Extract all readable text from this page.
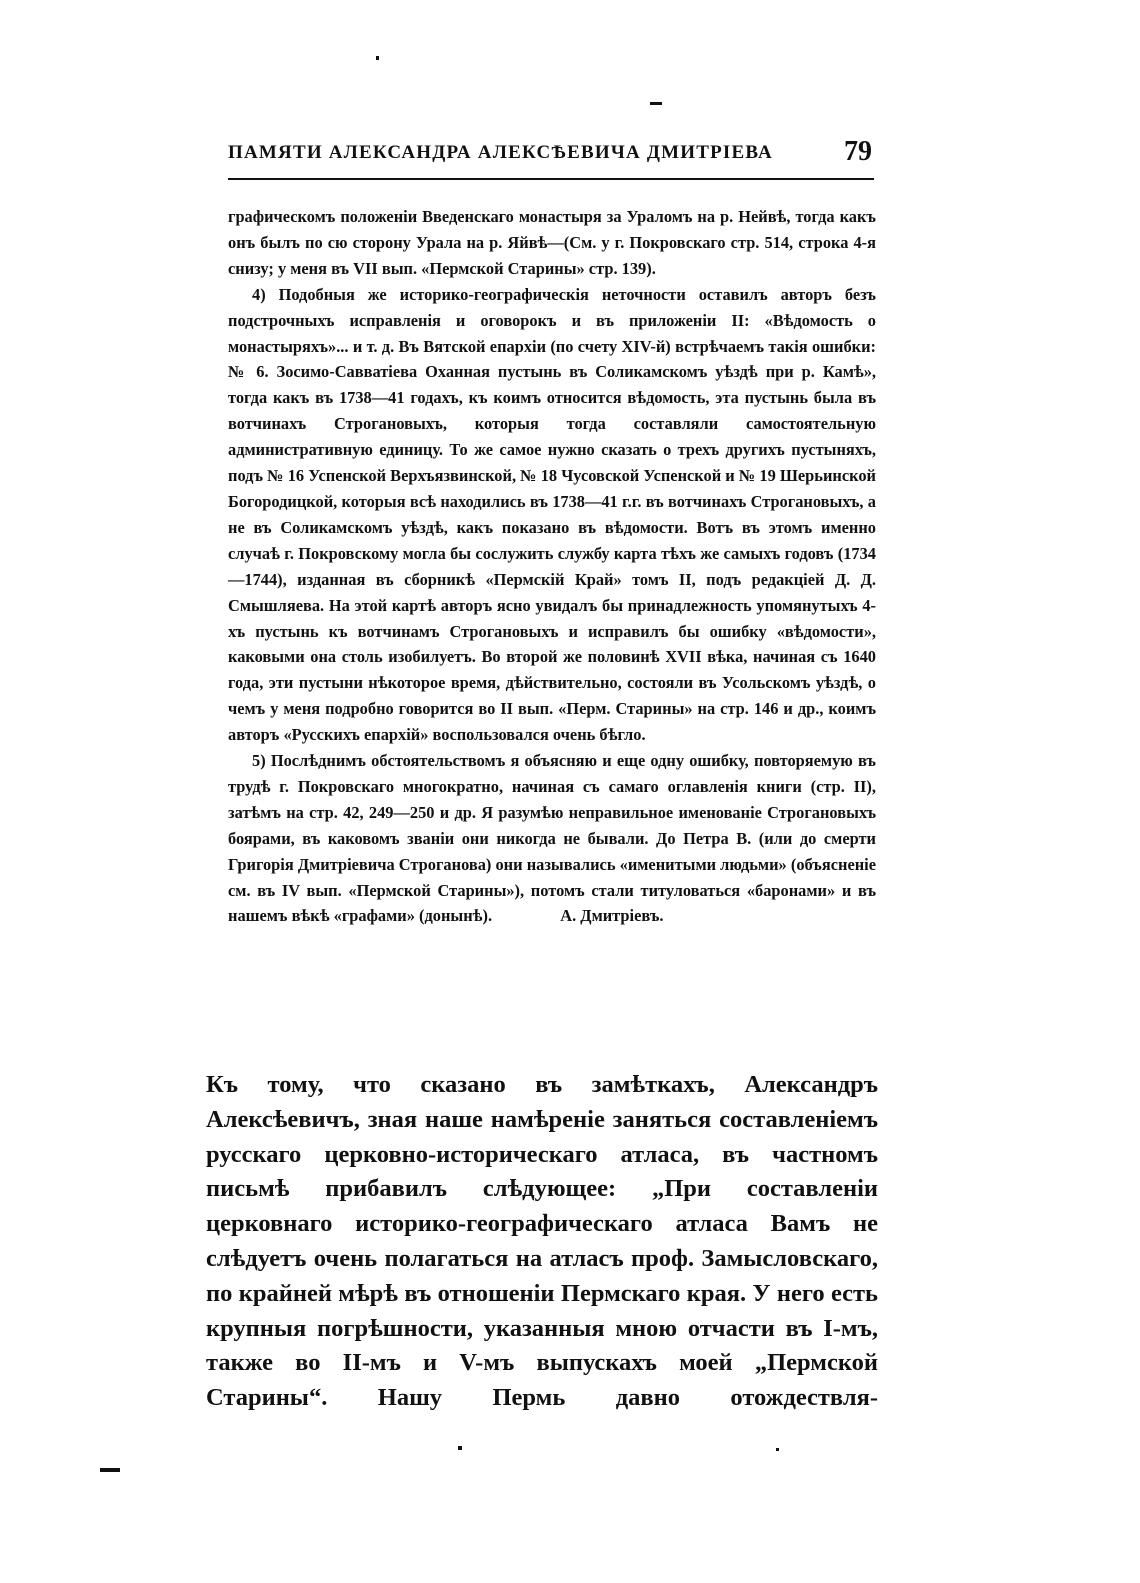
ПАМЯТИ АЛЕКСАНДРА АЛЕКСѢЕВИЧА ДМИТРІЕВА	79

графическомъ положеніи Введенскаго монастыря за Ураломъ на р. Нейвѣ, тогда какъ онъ былъ по сю сторону Урала на р. Яйвѣ—(См. у г. Покровскаго стр. 514, строка 4-я снизу; у меня въ VII вып. «Пермской Старины» стр. 139).

4) Подобныя же историко-географическія неточности оставилъ авторъ безъ подстрочныхъ исправленія и оговорокъ и въ приложеніи II: «Вѣдомость о монастыряхъ»... и т. д. Въ Вятской епархіи (по счету XIV-й) встрѣчаемъ такія ошибки: № 6. Зосимо-Савватіева Оханная пустынь въ Соликамскомъ уѣздѣ при р. Камѣ», тогда какъ въ 1738—41 годахъ, къ коимъ относится вѣдомость, эта пустынь была въ вотчинахъ Строгановыхъ, которыя тогда составляли самостоятельную административную единицу. То же самое нужно сказать о трехъ другихъ пустыняхъ, подъ № 16 Успенской Верхъязвинской, № 18 Чусовской Успенской и № 19 Шерьинской Богородицкой, которыя всѣ находились въ 1738—41 г.г. въ вотчинахъ Строгановыхъ, а не въ Соликамскомъ уѣздѣ, какъ показано въ вѣдомости. Вотъ въ этомъ именно случаѣ г. Покровскому могла бы сослужить службу карта тѣхъ же самыхъ годовъ (1734—1744), изданная въ сборникѣ «Пермскій Край» томъ II, подъ редакціей Д. Д. Смышляева. На этой картѣ авторъ ясно увидалъ бы принадлежность упомянутыхъ 4-хъ пустынь къ вотчинамъ Строгановыхъ и исправилъ бы ошибку «вѣдомости», каковыми она столь изобилуетъ. Во второй же половинѣ XVII вѣка, начиная съ 1640 года, эти пустыни нѣкоторое время, дѣйствительно, состояли въ Усольскомъ уѣздѣ, о чемъ у меня подробно говорится во II вып. «Перм. Старины» на стр. 146 и др., коимъ авторъ «Русскихъ епархій» воспользовался очень бѣгло.

5) Послѣднимъ обстоятельствомъ я объясняю и еще одну ошибку, повторяемую въ трудѣ г. Покровскаго многократно, начиная съ самаго оглавленія книги (стр. II), затѣмъ на стр. 42, 249—250 и др. Я разумѣю неправильное именованіе Строгановыхъ боярами, въ каковомъ званіи они никогда не бывали. До Петра В. (или до смерти Григорія Дмитріевича Строганова) они назывались «именитыми людьми» (объясненіе см. въ IV вып. «Пермской Старины»), потомъ стали титуловаться «баронами» и въ нашемъ вѣкѣ «графами» (донынѣ).	А. Дмитріевъ.

Къ тому, что сказано въ замѣткахъ, Александръ Алексѣевичъ, зная наше намѣреніе заняться составленіемъ русскаго церковно-историческаго атласа, въ частномъ письмѣ прибавилъ слѣдующее: „При составленіи церковнаго историко-географическаго атласа Вамъ не слѣдуетъ очень полагаться на атласъ проф. Замысловскаго, по крайней мѣрѣ въ отношеніи Пермскаго края. У него есть крупныя погрѣшности, указанныя мною отчасти въ I-мъ, также во II-мъ и V-мъ выпускахъ моей „Пермской Старины“. Нашу Пермь давно отождествля-
